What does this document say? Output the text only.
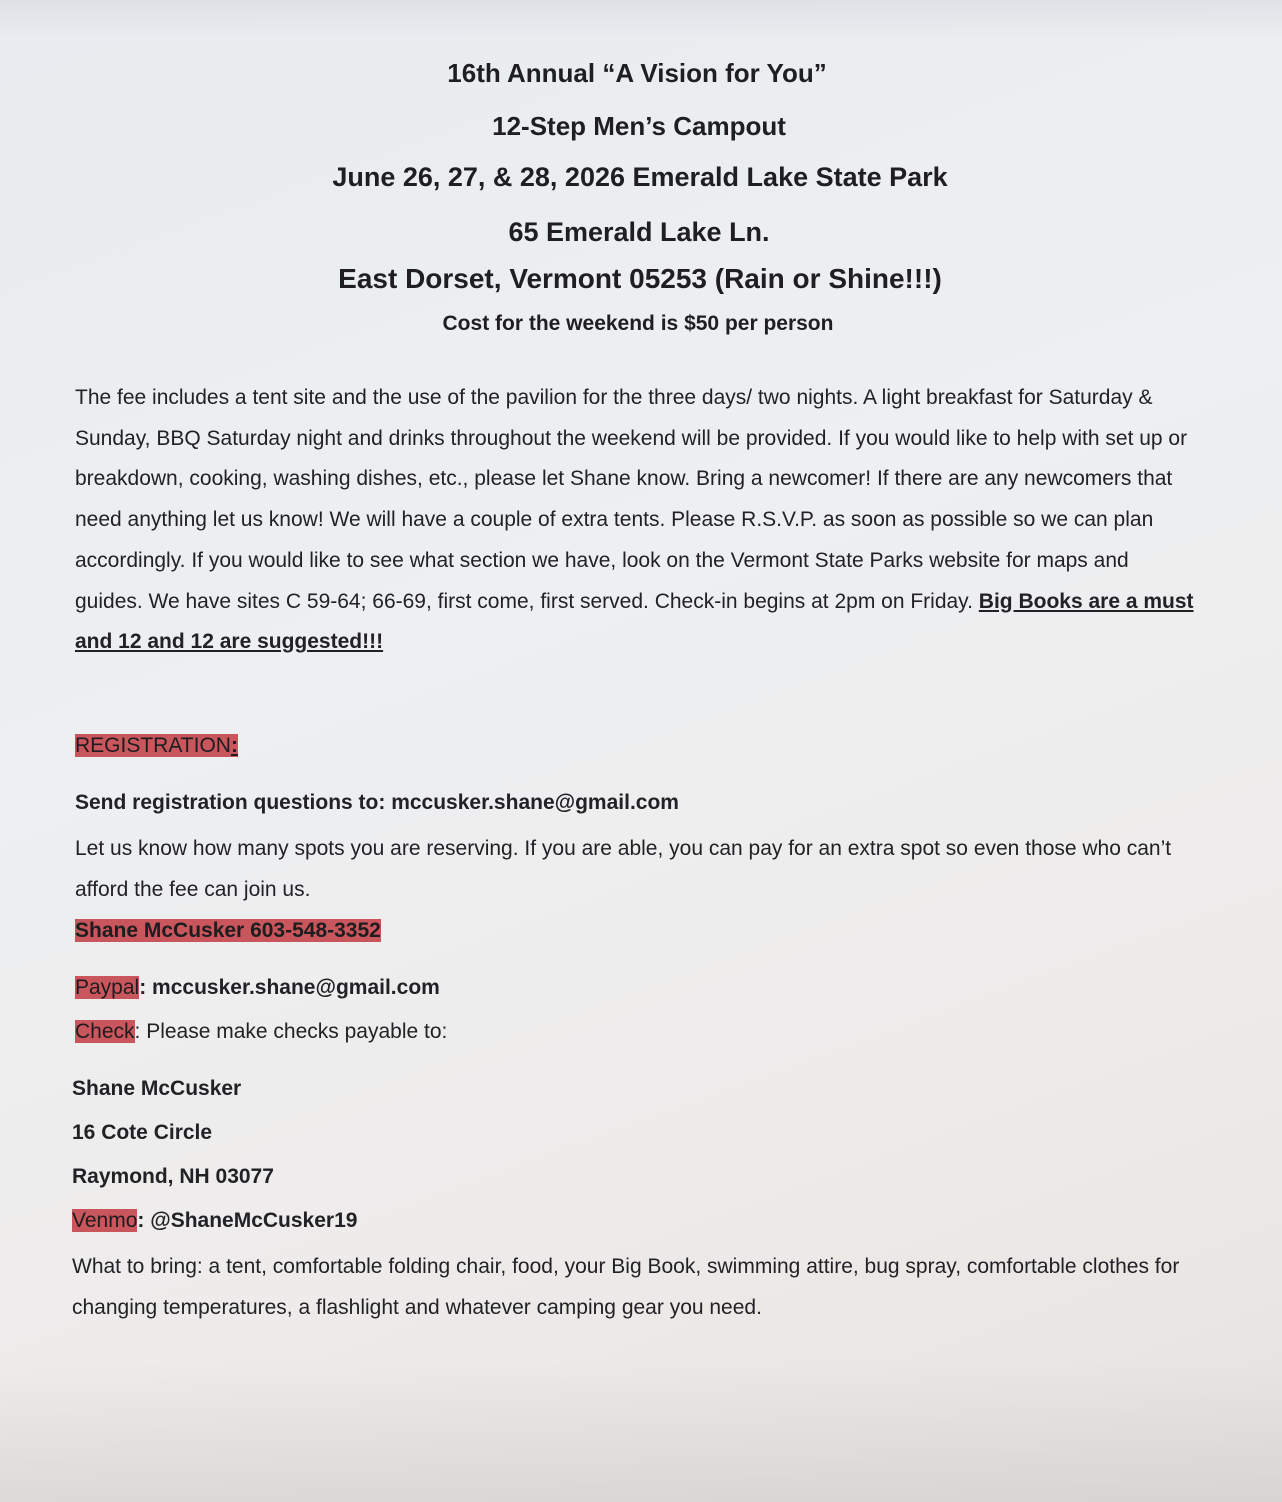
16th Annual “A Vision for You”
12-Step Men’s Campout
June 26, 27, & 28, 2026 Emerald Lake State Park
65 Emerald Lake Ln.
East Dorset, Vermont 05253 (Rain or Shine!!!)
Cost for the weekend is $50 per person
The fee includes a tent site and the use of the pavilion for the three days/ two nights. A light breakfast for Saturday & Sunday, BBQ Saturday night and drinks throughout the weekend will be provided. If you would like to help with set up or breakdown, cooking, washing dishes, etc., please let Shane know. Bring a newcomer! If there are any newcomers that need anything let us know! We will have a couple of extra tents. Please R.S.V.P. as soon as possible so we can plan accordingly. If you would like to see what section we have, look on the Vermont State Parks website for maps and guides. We have sites C 59-64; 66-69, first come, first served. Check-in begins at 2pm on Friday. Big Books are a must and 12 and 12 are suggested!!!
REGISTRATION:
Send registration questions to: mccusker.shane@gmail.com
Let us know how many spots you are reserving. If you are able, you can pay for an extra spot so even those who can’t afford the fee can join us.
Shane McCusker 603-548-3352
Paypal: mccusker.shane@gmail.com
Check: Please make checks payable to:
Shane McCusker
16 Cote Circle
Raymond, NH 03077
Venmo: @ShaneMcCusker19
What to bring: a tent, comfortable folding chair, food, your Big Book, swimming attire, bug spray, comfortable clothes for changing temperatures, a flashlight and whatever camping gear you need.
